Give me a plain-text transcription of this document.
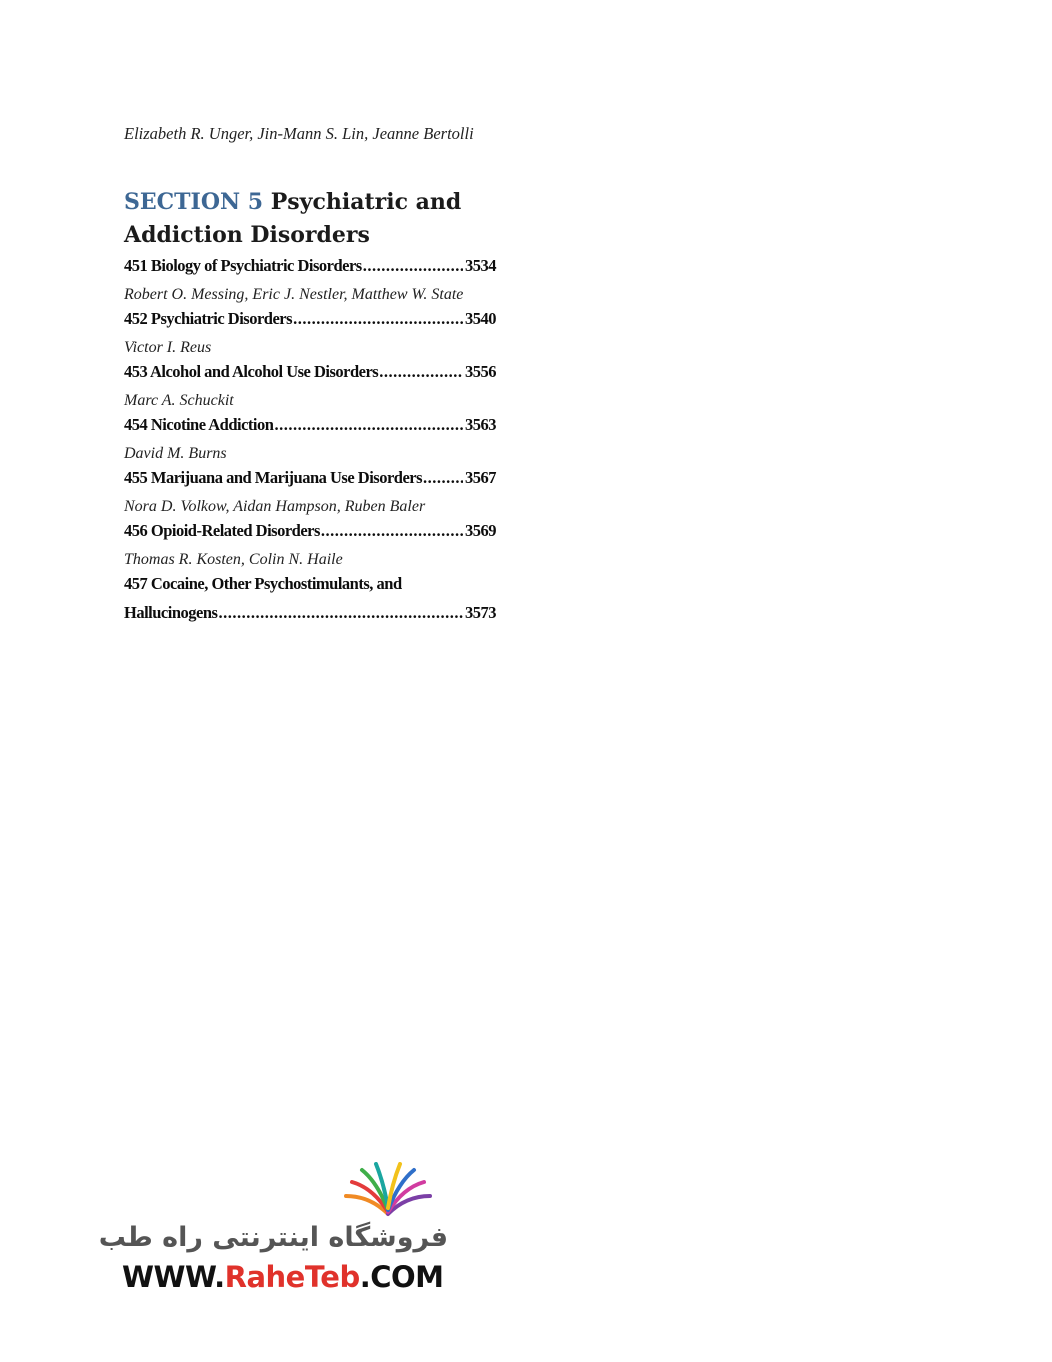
Elizabeth R. Unger, Jin-Mann S. Lin, Jeanne Bertolli
SECTION 5 Psychiatric and
Addiction Disorders
451 Biology of Psychiatric Disorders .....	3534
Robert O. Messing, Eric J. Nestler, Matthew W. State
452 Psychiatric Disorders .....	3540
Victor I. Reus
453 Alcohol and Alcohol Use Disorders .....	3556
Marc A. Schuckit
454 Nicotine Addiction .....	3563
David M. Burns
455 Marijuana and Marijuana Use Disorders .....	3567
Nora D. Volkow, Aidan Hampson, Ruben Baler
456 Opioid-Related Disorders .....	3569
Thomas R. Kosten, Colin N. Haile
457 Cocaine, Other Psychostimulants, and
Hallucinogens .....	3573
فروشگاه اینترنتی راه طب
WWW.RaheTeb.COM
